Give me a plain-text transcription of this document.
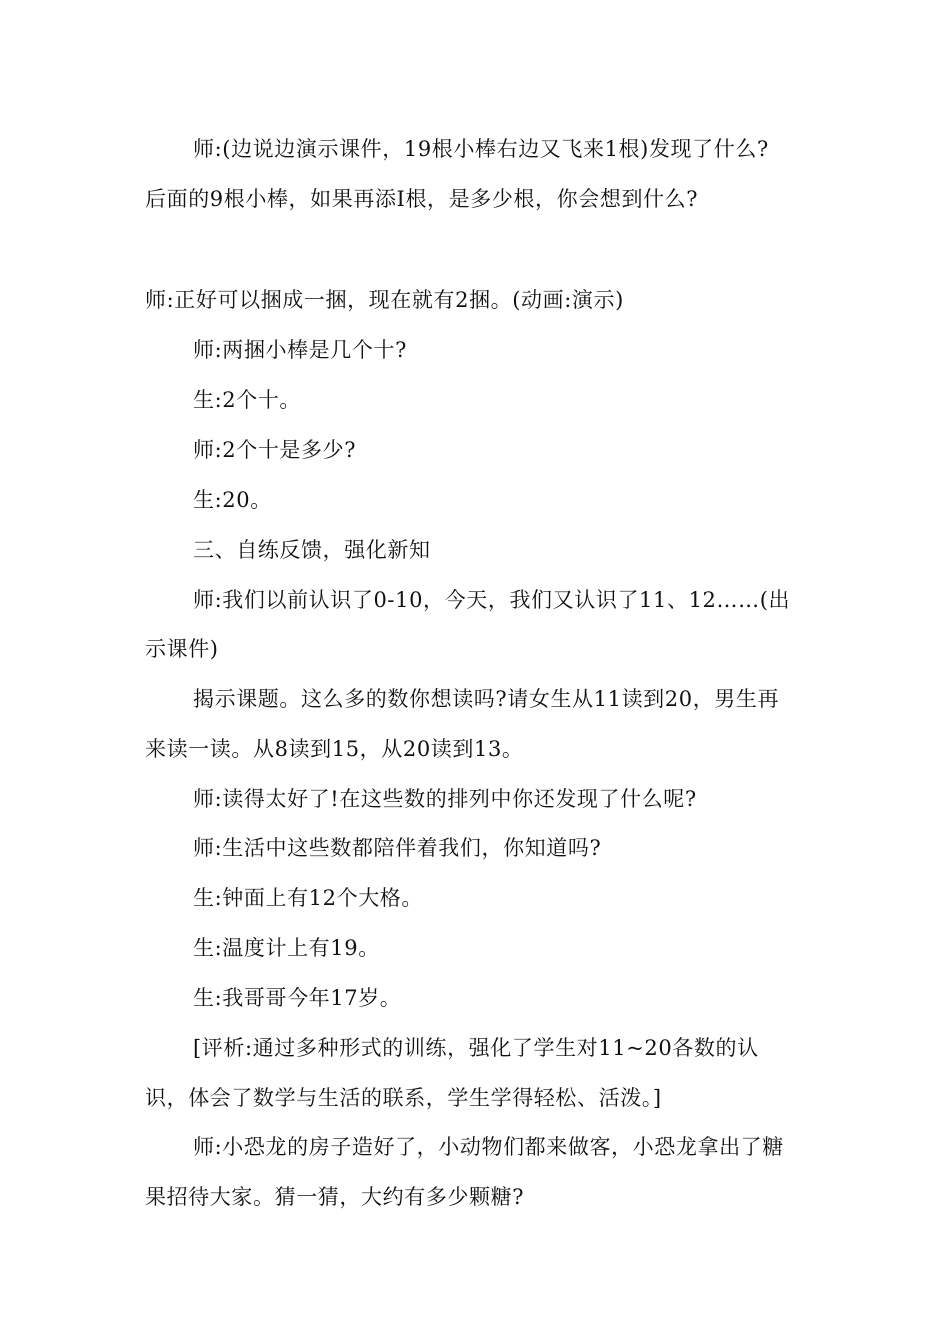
师:(边说边演示课件，19根小棒右边又飞来1根)发现了什么?
后面的9根小棒，如果再添I根，是多少根，你会想到什么?
师:正好可以捆成一捆，现在就有2捆。(动画:演示)
师:两捆小棒是几个十?
生:2个十。
师:2个十是多少?
生:20。
三、自练反馈，强化新知
师:我们以前认识了0-10，今天，我们又认识了11、12……(出
示课件)
揭示课题。这么多的数你想读吗?请女生从11读到20，男生再
来读一读。从8读到15，从20读到13。
师:读得太好了!在这些数的排列中你还发现了什么呢?
师:生活中这些数都陪伴着我们，你知道吗?
生:钟面上有12个大格。
生:温度计上有19。
生:我哥哥今年17岁。
[评析:通过多种形式的训练，强化了学生对11~20各数的认
识，体会了数学与生活的联系，学生学得轻松、活泼。]
师:小恐龙的房子造好了，小动物们都来做客，小恐龙拿出了糖
果招待大家。猜一猜，大约有多少颗糖?
